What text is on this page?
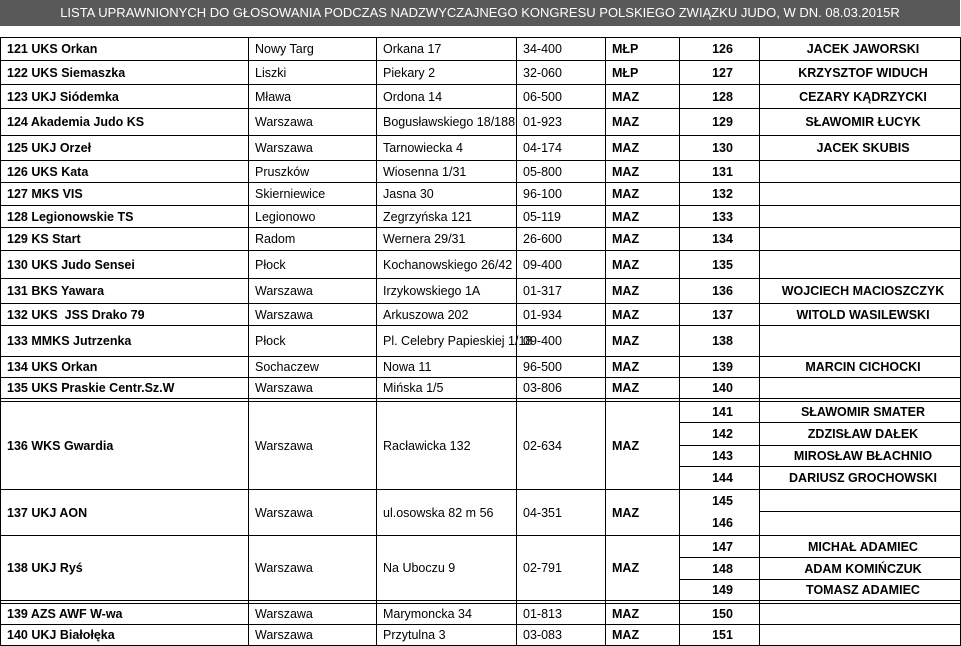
LISTA UPRAWNIONYCH DO GŁOSOWANIA PODCZAS NADZWYCZAJNEGO KONGRESU POLSKIEGO ZWIĄZKU JUDO, W DN. 08.03.2015R
121 UKS Orkan	Nowy Targ	Orkana 17	34-400	MŁP	126	JACEK JAWORSKI
122 UKS Siemaszka	Liszki	Piekary 2	32-060	MŁP	127	KRZYSZTOF WIDUCH
123 UKJ Siódemka	Mława	Ordona 14	06-500	MAZ	128	CEZARY KĄDRZYCKI
124 Akademia Judo KS	Warszawa	Bogusławskiego 18/188	01-923	MAZ	129	SŁAWOMIR ŁUCYK
125 UKJ Orzeł	Warszawa	Tarnowiecka 4	04-174	MAZ	130	JACEK SKUBIS
126 UKS Kata	Pruszków	Wiosenna 1/31	05-800	MAZ	131	
127 MKS VIS	Skierniewice	Jasna 30	96-100	MAZ	132	
128 Legionowskie TS	Legionowo	Zegrzyńska 121	05-119	MAZ	133	
129 KS Start	Radom	Wernera 29/31	26-600	MAZ	134	
130 UKS Judo Sensei	Płock	Kochanowskiego 26/42	09-400	MAZ	135	
131 BKS Yawara	Warszawa	Irzykowskiego 1A	01-317	MAZ	136	WOJCIECH MACIOSZCZYK
132 UKS  JSS Drako 79	Warszawa	Arkuszowa 202	01-934	MAZ	137	WITOLD WASILEWSKI
133 MMKS Jutrzenka	Płock	Pl. Celebry Papieskiej 1/18	09-400	MAZ	138	
134 UKS Orkan	Sochaczew	Nowa 11	96-500	MAZ	139	MARCIN CICHOCKI
135 UKS Praskie Centr.Sz.W	Warszawa	Mińska 1/5	03-806	MAZ	140	

136 WKS Gwardia	Warszawa	Racławicka 132	02-634	MAZ	141	SŁAWOMIR SMATER
					142	ZDZISŁAW DAŁEK
					143	MIROSŁAW BŁACHNIO
					144	DARIUSZ GROCHOWSKI
137 UKJ AON	Warszawa	ul.osowska 82 m 56	04-351	MAZ	145	
					146	
138 UKJ Ryś	Warszawa	Na Uboczu 9	02-791	MAZ	147	MICHAŁ ADAMIEC
					148	ADAM KOMIŃCZUK
					149	TOMASZ ADAMIEC

139 AZS AWF W-wa	Warszawa	Marymoncka 34	01-813	MAZ	150	
140 UKJ Białołęka	Warszawa	Przytulna 3	03-083	MAZ	151	
